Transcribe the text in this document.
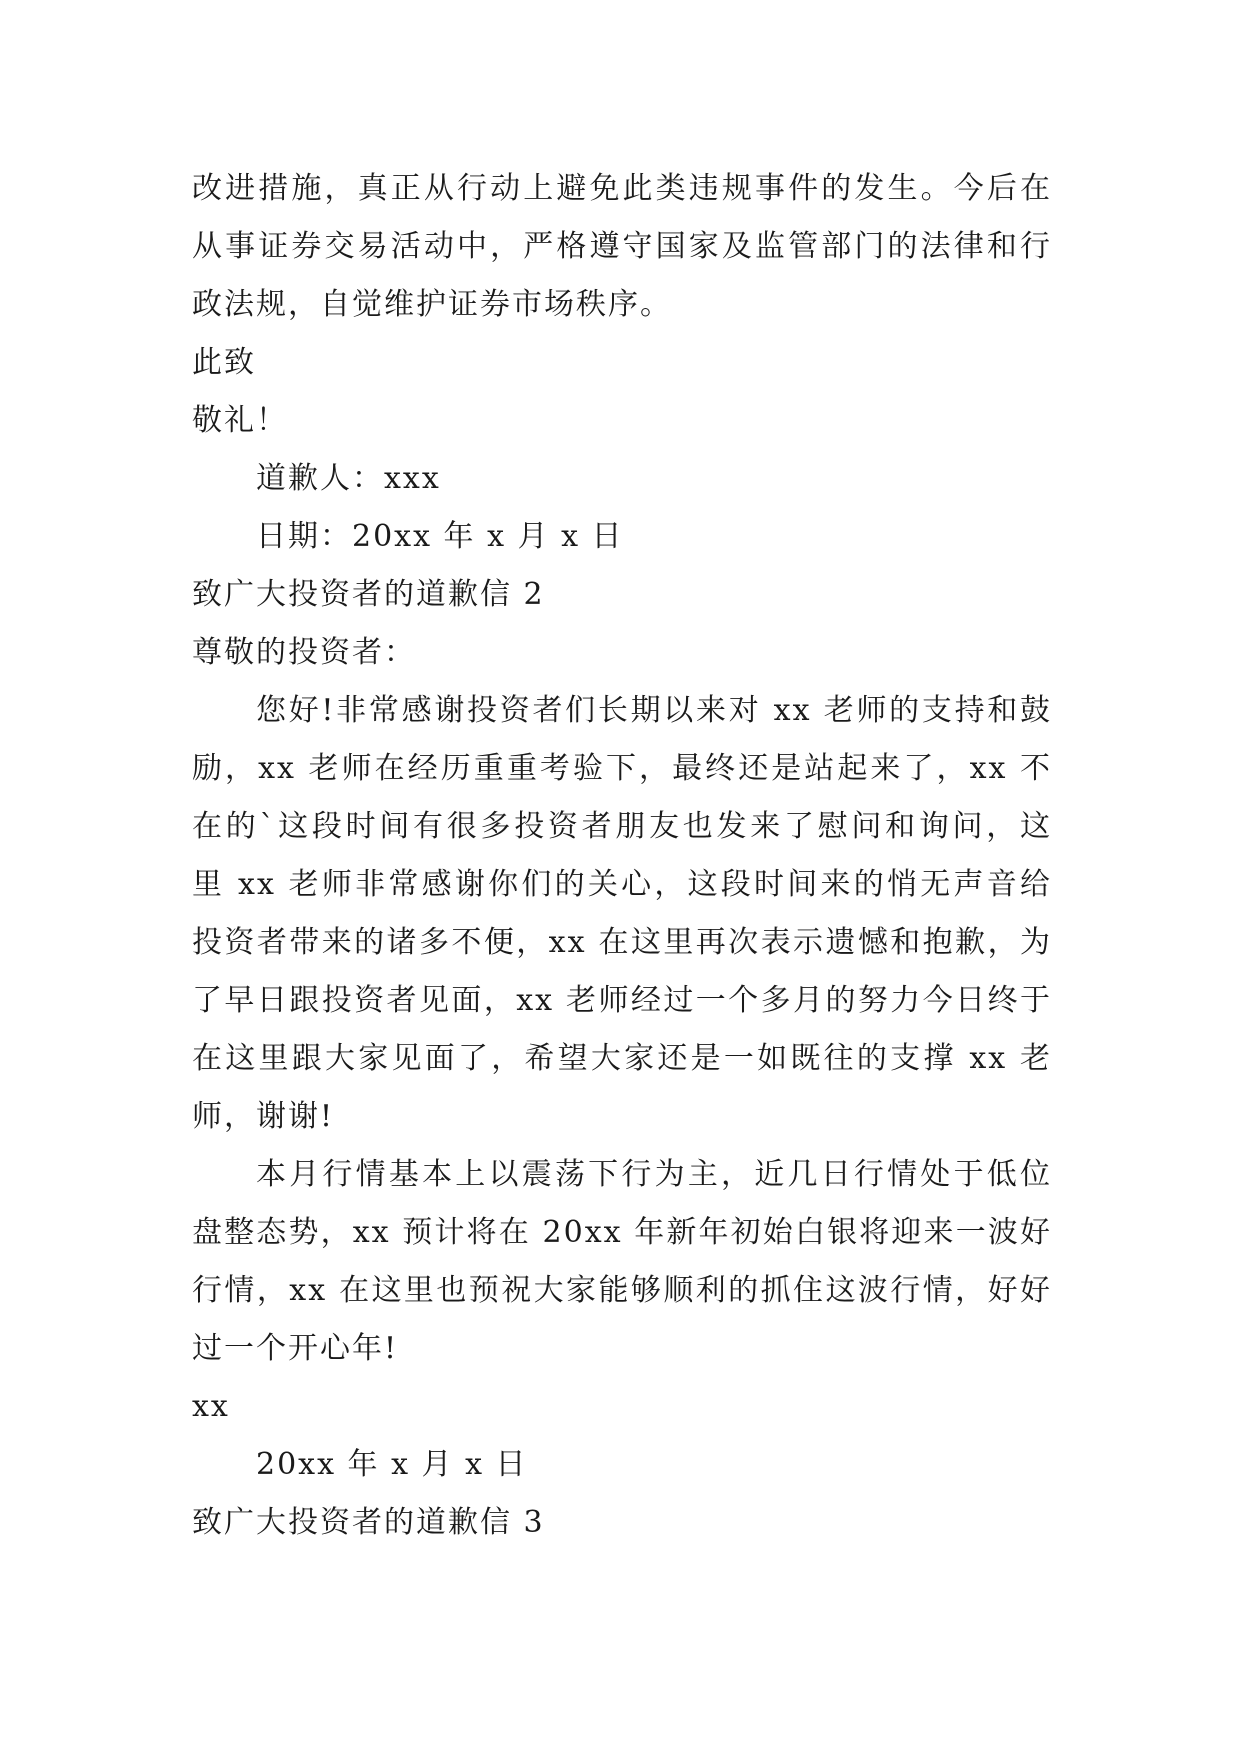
改进措施，真正从行动上避免此类违规事件的发生。今后在
从事证券交易活动中，严格遵守国家及监管部门的法律和行
政法规，自觉维护证券市场秩序。
此致
敬礼！
道歉人：xxx
日期：20xx 年 x 月 x 日
致广大投资者的道歉信 2
尊敬的投资者：
您好!非常感谢投资者们长期以来对 xx 老师的支持和鼓
励，xx 老师在经历重重考验下，最终还是站起来了，xx 不
在的`这段时间有很多投资者朋友也发来了慰问和询问，这
里 xx 老师非常感谢你们的关心，这段时间来的悄无声音给
投资者带来的诸多不便，xx 在这里再次表示遗憾和抱歉，为
了早日跟投资者见面，xx 老师经过一个多月的努力今日终于
在这里跟大家见面了，希望大家还是一如既往的支撑 xx 老
师，谢谢!
本月行情基本上以震荡下行为主，近几日行情处于低位
盘整态势，xx 预计将在 20xx 年新年初始白银将迎来一波好
行情，xx 在这里也预祝大家能够顺利的抓住这波行情，好好
过一个开心年!
xx
20xx 年 x 月 x 日
致广大投资者的道歉信 3
